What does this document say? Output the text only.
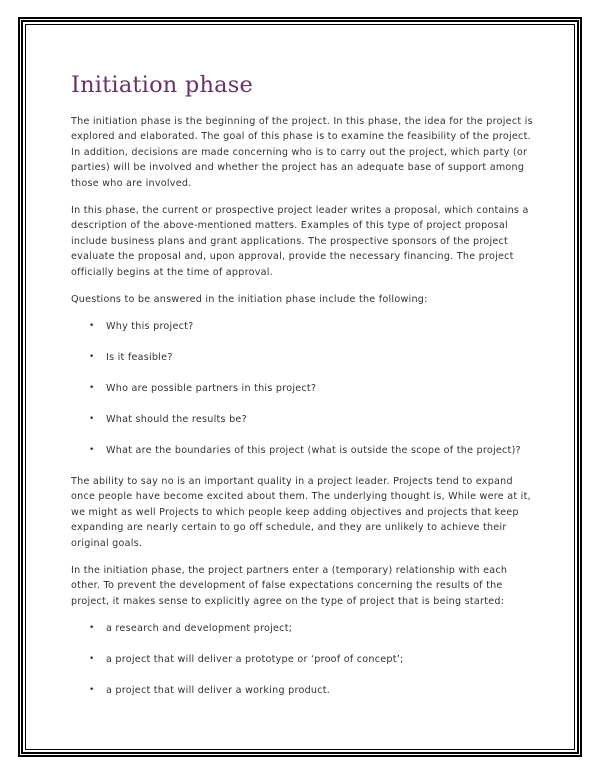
Initiation phase

The initiation phase is the beginning of the project. In this phase, the idea for the project is explored and elaborated. The goal of this phase is to examine the feasibility of the project. In addition, decisions are made concerning who is to carry out the project, which party (or parties) will be involved and whether the project has an adequate base of support among those who are involved.

In this phase, the current or prospective project leader writes a proposal, which contains a description of the above-mentioned matters. Examples of this type of project proposal include business plans and grant applications. The prospective sponsors of the project evaluate the proposal and, upon approval, provide the necessary financing. The project officially begins at the time of approval.

Questions to be answered in the initiation phase include the following:

• Why this project?
• Is it feasible?
• Who are possible partners in this project?
• What should the results be?
• What are the boundaries of this project (what is outside the scope of the project)?

The ability to say no is an important quality in a project leader. Projects tend to expand once people have become excited about them. The underlying thought is, While were at it, we might as well Projects to which people keep adding objectives and projects that keep expanding are nearly certain to go off schedule, and they are unlikely to achieve their original goals.

In the initiation phase, the project partners enter a (temporary) relationship with each other. To prevent the development of false expectations concerning the results of the project, it makes sense to explicitly agree on the type of project that is being started:

• a research and development project;
• a project that will deliver a prototype or ‘proof of concept’;
• a project that will deliver a working product.
